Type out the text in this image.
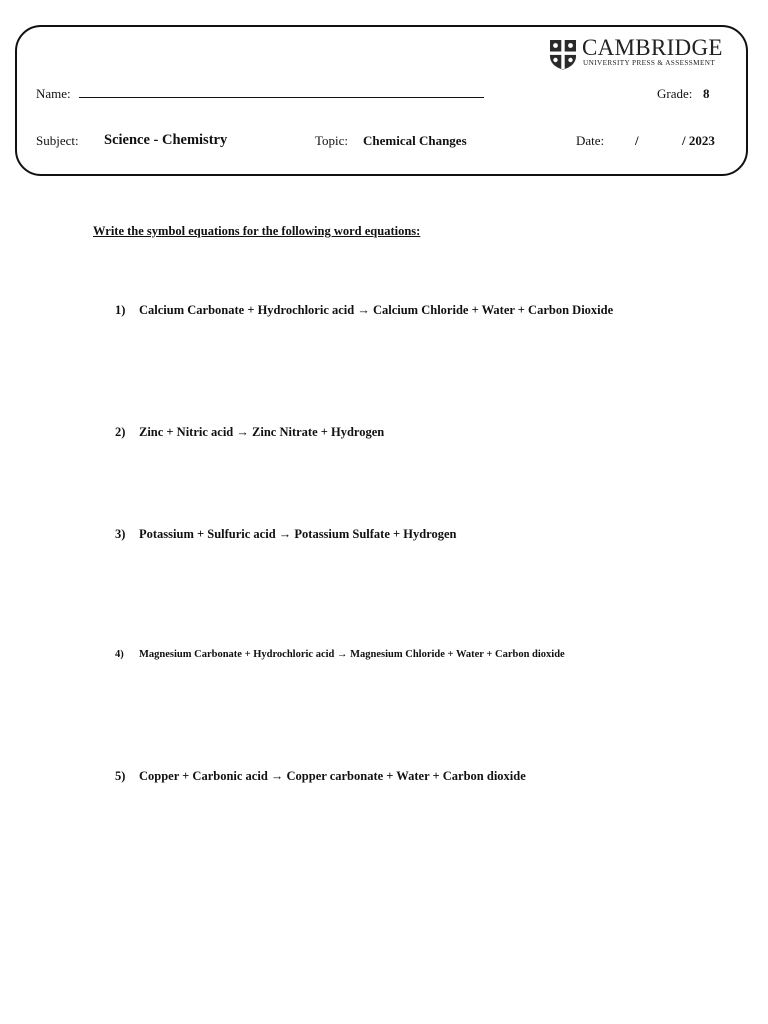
CAMBRIDGE
UNIVERSITY PRESS & ASSESSMENT
Name:	Grade: 8
Subject: Science - Chemistry	Topic: Chemical Changes	Date: /	/ 2023
Write the symbol equations for the following word equations:
1) Calcium Carbonate + Hydrochloric acid → Calcium Chloride + Water + Carbon Dioxide
2) Zinc + Nitric acid → Zinc Nitrate + Hydrogen
3) Potassium + Sulfuric acid → Potassium Sulfate + Hydrogen
4) Magnesium Carbonate + Hydrochloric acid → Magnesium Chloride + Water + Carbon dioxide
5) Copper + Carbonic acid → Copper carbonate + Water + Carbon dioxide
